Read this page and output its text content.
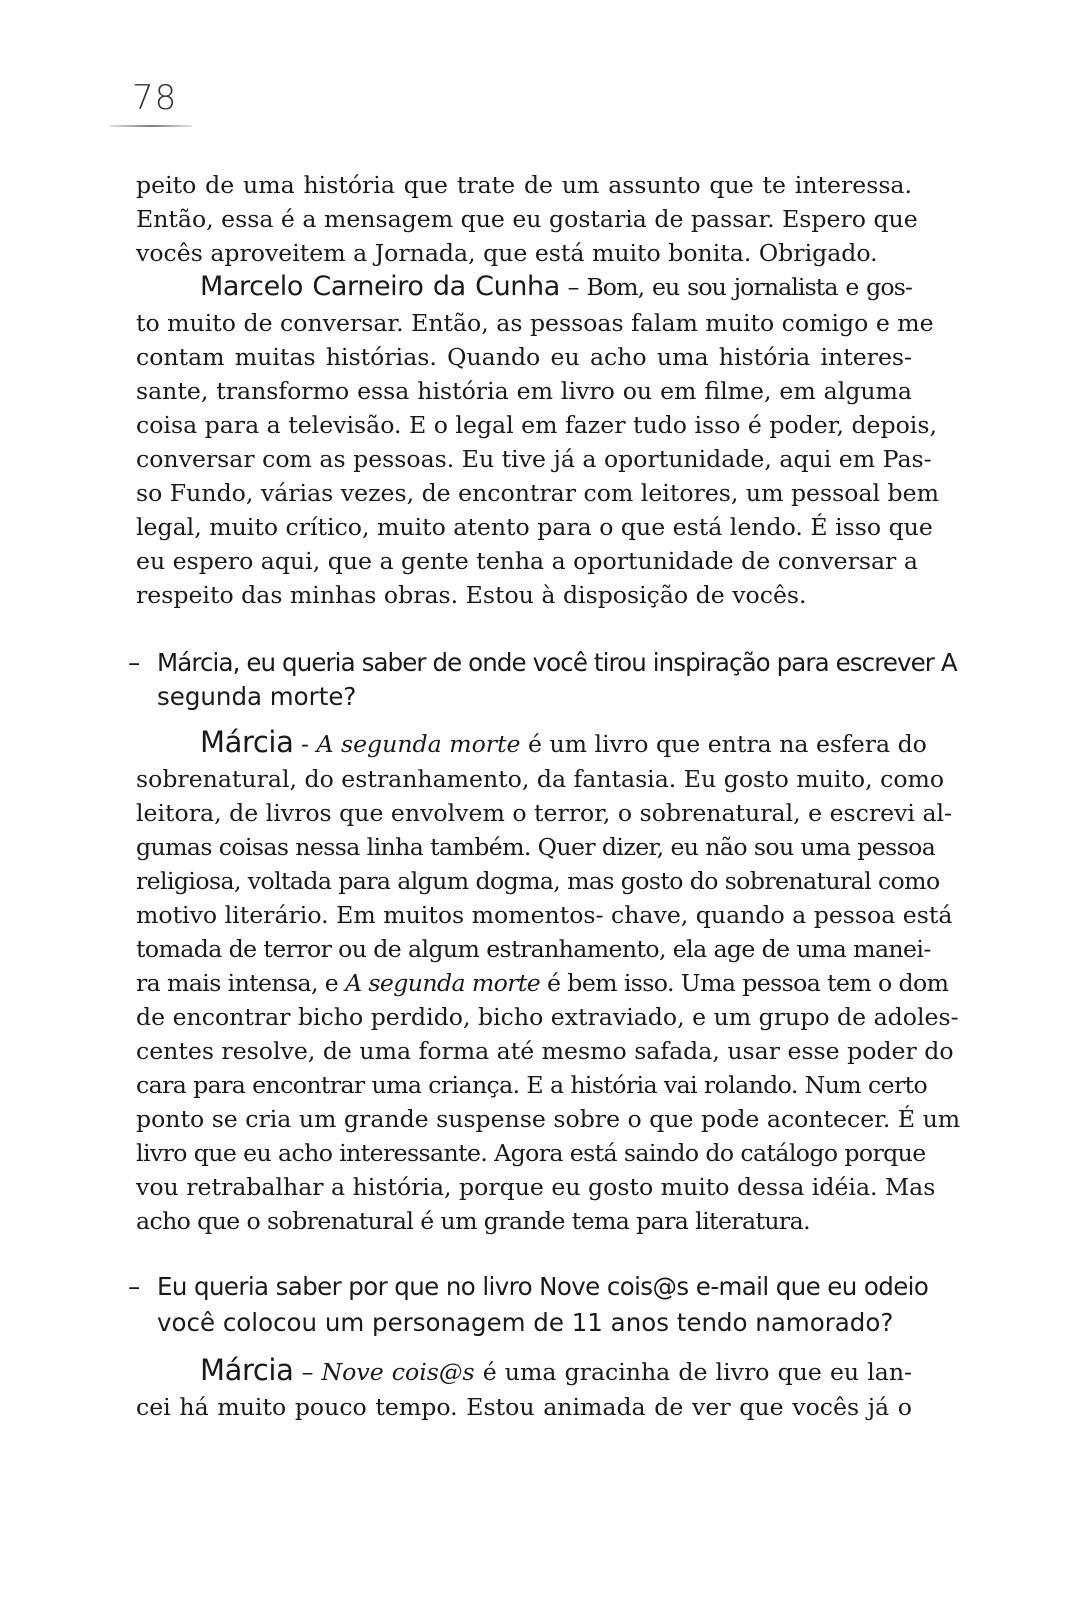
78
peito de uma história que trate de um assunto que te interessa.
Então, essa é a mensagem que eu gostaria de passar. Espero que
vocês aproveitem a Jornada, que está muito bonita. Obrigado.
Marcelo Carneiro da Cunha – Bom, eu sou jornalista e gos-
to muito de conversar. Então, as pessoas falam muito comigo e me
contam muitas histórias. Quando eu acho uma história interes-
sante, transformo essa história em livro ou em filme, em alguma
coisa para a televisão. E o legal em fazer tudo isso é poder, depois,
conversar com as pessoas. Eu tive já a oportunidade, aqui em Pas-
so Fundo, várias vezes, de encontrar com leitores, um pessoal bem
legal, muito crítico, muito atento para o que está lendo. É isso que
eu espero aqui, que a gente tenha a oportunidade de conversar a
respeito das minhas obras. Estou à disposição de vocês.
– Márcia, eu queria saber de onde você tirou inspiração para escrever A
segunda morte?
Márcia - A segunda morte é um livro que entra na esfera do
sobrenatural, do estranhamento, da fantasia. Eu gosto muito, como
leitora, de livros que envolvem o terror, o sobrenatural, e escrevi al-
gumas coisas nessa linha também. Quer dizer, eu não sou uma pessoa
religiosa, voltada para algum dogma, mas gosto do sobrenatural como
motivo literário. Em muitos momentos- chave, quando a pessoa está
tomada de terror ou de algum estranhamento, ela age de uma manei-
ra mais intensa, e A segunda morte é bem isso. Uma pessoa tem o dom
de encontrar bicho perdido, bicho extraviado, e um grupo de adoles-
centes resolve, de uma forma até mesmo safada, usar esse poder do
cara para encontrar uma criança. E a história vai rolando. Num certo
ponto se cria um grande suspense sobre o que pode acontecer. É um
livro que eu acho interessante. Agora está saindo do catálogo porque
vou retrabalhar a história, porque eu gosto muito dessa idéia. Mas
acho que o sobrenatural é um grande tema para literatura.
– Eu queria saber por que no livro Nove cois@s e-mail que eu odeio
você colocou um personagem de 11 anos tendo namorado?
Márcia – Nove cois@s é uma gracinha de livro que eu lan-
cei há muito pouco tempo. Estou animada de ver que vocês já o
